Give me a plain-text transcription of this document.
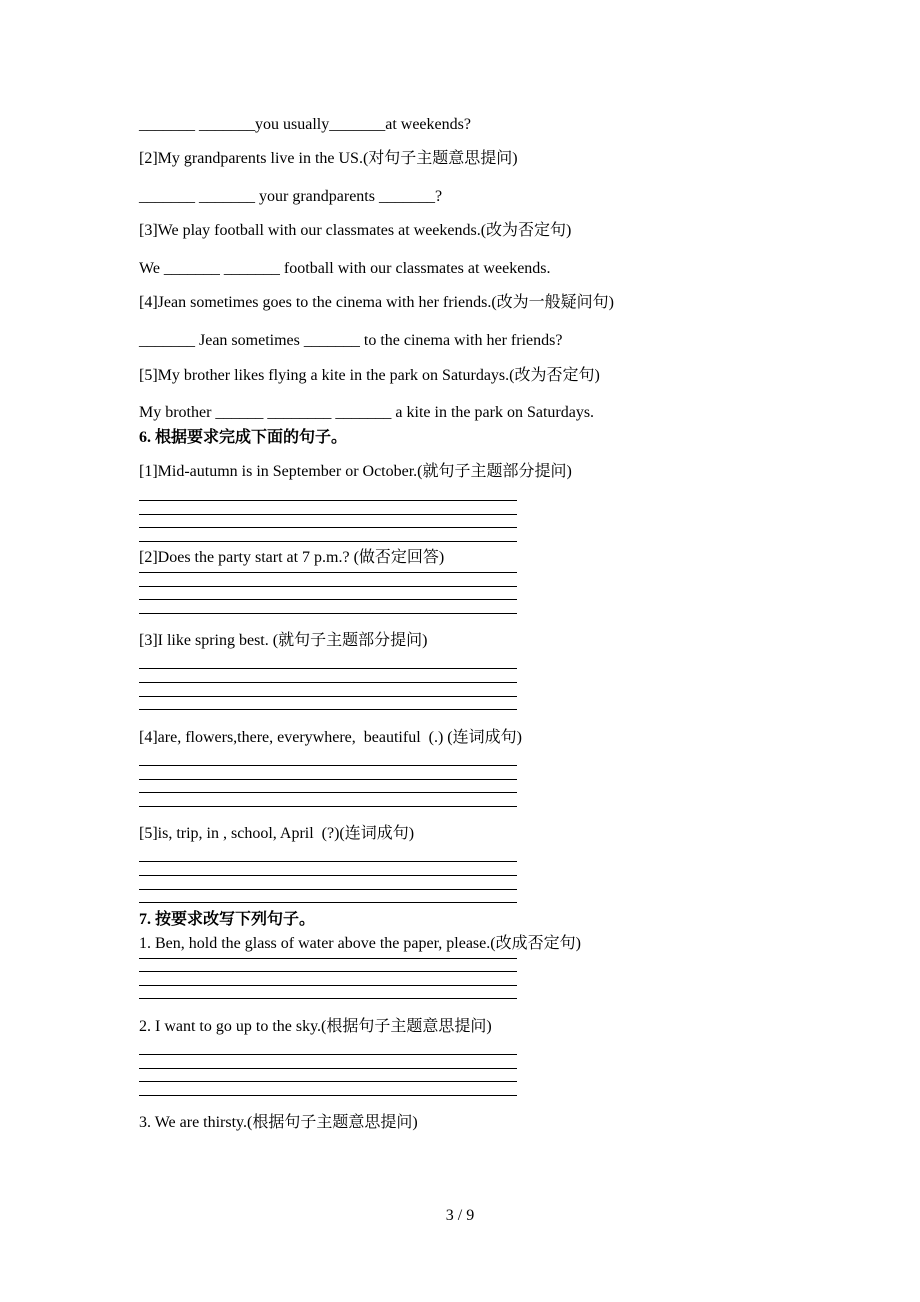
_______ _______you usually_______at weekends?
[2]My grandparents live in the US.(对句子主题意思提问)
_______ _______ your grandparents _______?
[3]We play football with our classmates at weekends.(改为否定句)
We _______ _______ football with our classmates at weekends.
[4]Jean sometimes goes to the cinema with her friends.(改为一般疑问句)
_______ Jean sometimes _______ to the cinema with her friends?
[5]My brother likes flying a kite in the park on Saturdays.(改为否定句)
My brother ______ ________ _______ a kite in the park on Saturdays.
6. 根据要求完成下面的句子。
[1]Mid-autumn is in September or October.(就句子主题部分提问)
[2]Does the party start at 7 p.m.? (做否定回答)
[3]I like spring best. (就句子主题部分提问)
[4]are, flowers,there, everywhere,  beautiful  (.) (连词成句)
[5]is, trip, in , school, April  (?)(连词成句)
7. 按要求改写下列句子。
1. Ben, hold the glass of water above the paper, please.(改成否定句)
2. I want to go up to the sky.(根据句子主题意思提问)
3. We are thirsty.(根据句子主题意思提问)
3 / 9
